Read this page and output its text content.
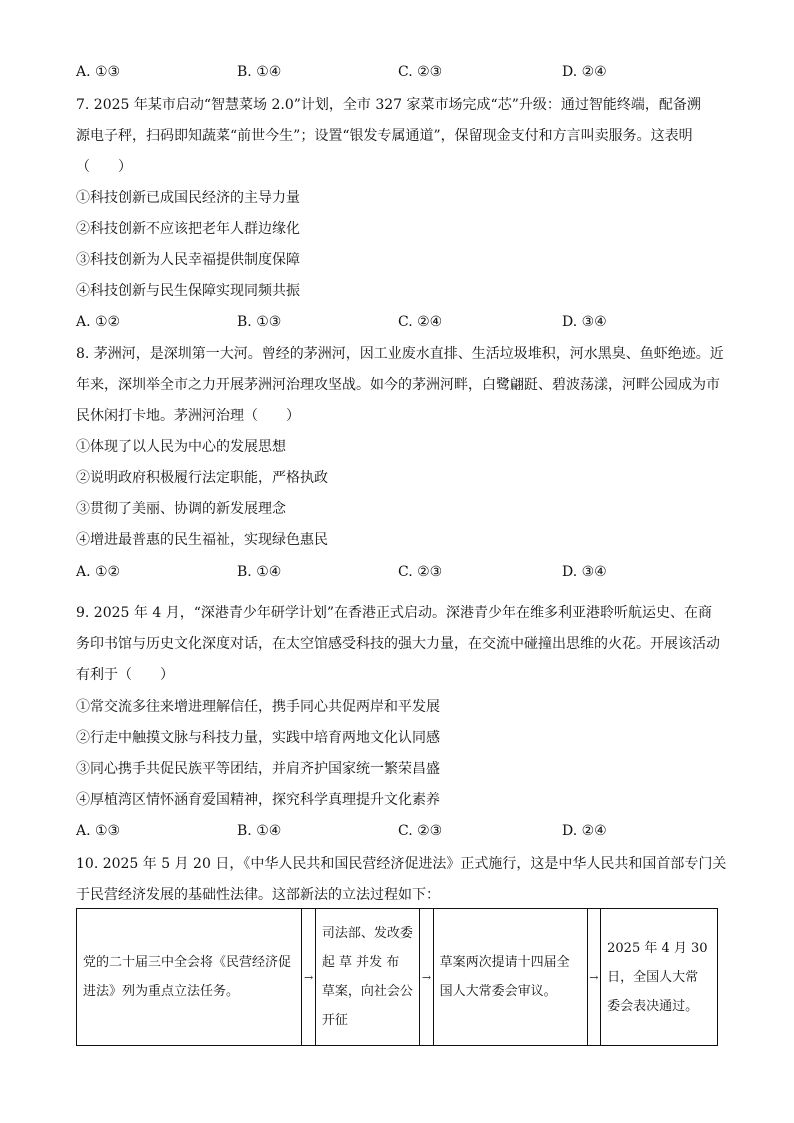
A. ①③	B. ①④	C. ②③	D. ②④
7. 2025 年某市启动“智慧菜场 2.0”计划，全市 327 家菜市场完成“芯”升级：通过智能终端，配备溯
源电子秤，扫码即知蔬菜“前世今生”；设置“银发专属通道”，保留现金支付和方言叫卖服务。这表明
（　　）
①科技创新已成国民经济的主导力量
②科技创新不应该把老年人群边缘化
③科技创新为人民幸福提供制度保障
④科技创新与民生保障实现同频共振
A. ①②	B. ①③	C. ②④	D. ③④
8. 茅洲河，是深圳第一大河。曾经的茅洲河，因工业废水直排、生活垃圾堆积，河水黑臭、鱼虾绝迹。近
年来，深圳举全市之力开展茅洲河治理攻坚战。如今的茅洲河畔，白鹭翩跹、碧波荡漾，河畔公园成为市
民休闲打卡地。茅洲河治理（　　）
①体现了以人民为中心的发展思想
②说明政府积极履行法定职能，严格执政
③贯彻了美丽、协调的新发展理念
④增进最普惠的民生福祉，实现绿色惠民
A. ①②	B. ①④	C. ②③	D. ③④
9. 2025 年 4 月，“深港青少年研学计划”在香港正式启动。深港青少年在维多利亚港聆听航运史、在商
务印书馆与历史文化深度对话，在太空馆感受科技的强大力量，在交流中碰撞出思维的火花。开展该活动
有利于（　　）
①常交流多往来增进理解信任，携手同心共促两岸和平发展
②行走中触摸文脉与科技力量，实践中培育两地文化认同感
③同心携手共促民族平等团结，并肩齐护国家统一繁荣昌盛
④厚植湾区情怀涵育爱国精神，探究科学真理提升文化素养
A. ①③	B. ①④	C. ②③	D. ②④
10. 2025 年 5 月 20 日，《中华人民共和国民营经济促进法》正式施行，这是中华人民共和国首部专门关
于民营经济发展的基础性法律。这部新法的立法过程如下：
党的二十届三中全会将《民营经济促进法》列为重点立法任务。
	→	
司法部、发改委起 草 并发 布 草案，向社会公开征
	→	
草案两次提请十四届全国人大常委会审议。
	→	
2025 年 4 月 30日，全国人大常委会表决通过。
